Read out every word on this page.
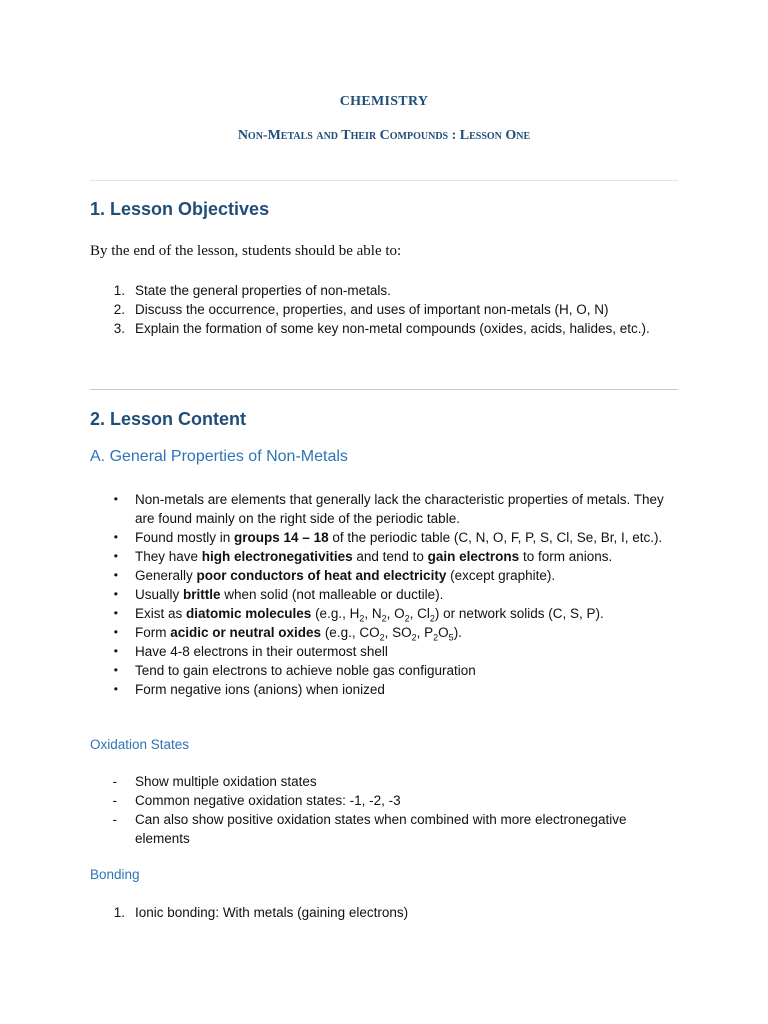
CHEMISTRY
Non-Metals and Their Compounds : Lesson One
1. Lesson Objectives
By the end of the lesson, students should be able to:
1. State the general properties of non-metals.
2. Discuss the occurrence, properties, and uses of important non-metals (H, O, N)
3. Explain the formation of some key non-metal compounds (oxides, acids, halides, etc.).
2. Lesson Content
A. General Properties of Non-Metals
• Non-metals are elements that generally lack the characteristic properties of metals. They are found mainly on the right side of the periodic table.
• Found mostly in groups 14 – 18 of the periodic table (C, N, O, F, P, S, Cl, Se, Br, I, etc.).
• They have high electronegativities and tend to gain electrons to form anions.
• Generally poor conductors of heat and electricity (except graphite).
• Usually brittle when solid (not malleable or ductile).
• Exist as diatomic molecules (e.g., $H_2$, $N_2$, $O_2$, $Cl_2$) or network solids (C, S, P).
• Form acidic or neutral oxides (e.g., $CO_2$, $SO_2$, $P_2O_5$).
• Have 4-8 electrons in their outermost shell
• Tend to gain electrons to achieve noble gas configuration
• Form negative ions (anions) when ionized
Oxidation States
- Show multiple oxidation states
- Common negative oxidation states: -1, -2, -3
- Can also show positive oxidation states when combined with more electronegative elements
Bonding
1. Ionic bonding: With metals (gaining electrons)
